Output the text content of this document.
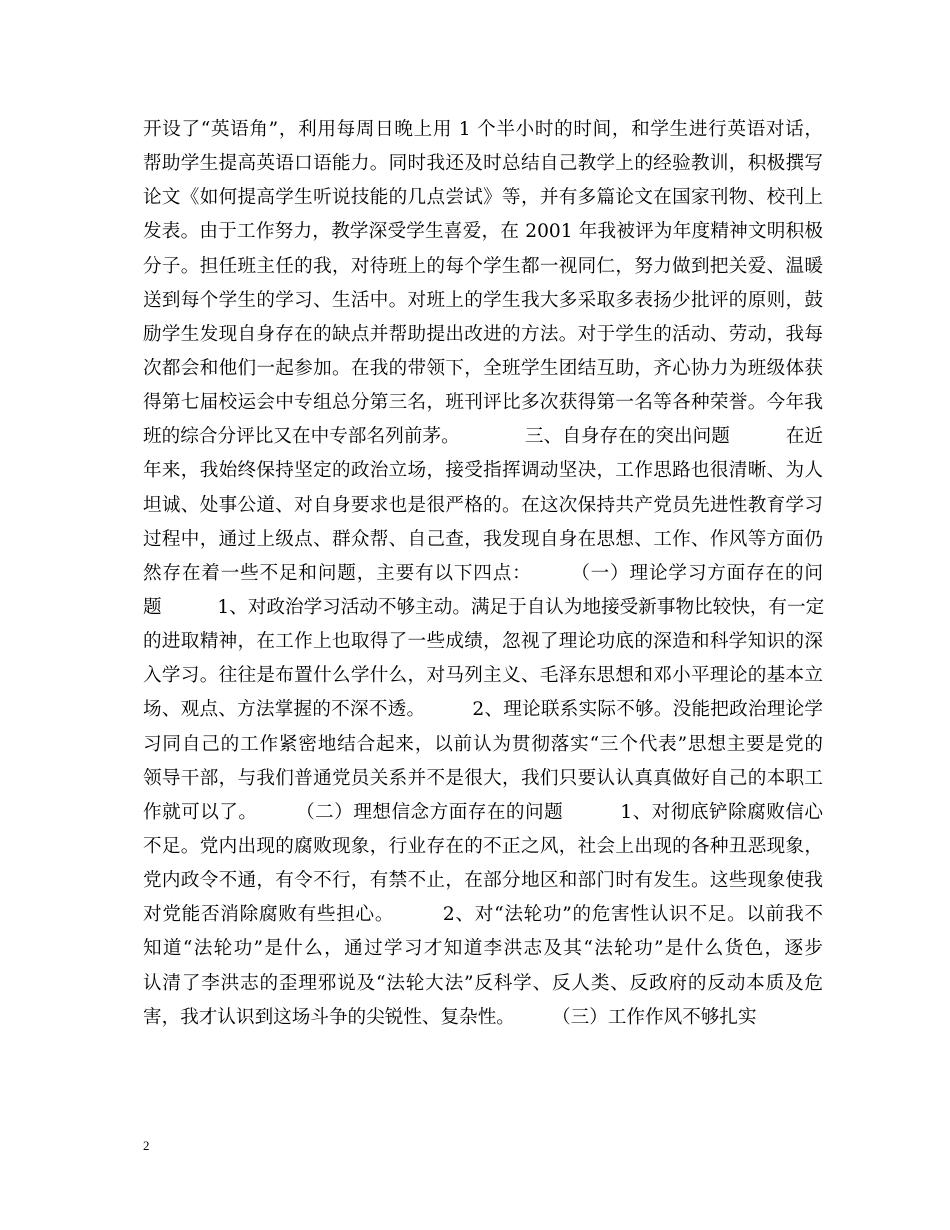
开设了“英语角”，利用每周日晚上用 1 个半小时的时间，和学生进行英语对话，
帮助学生提高英语口语能力。同时我还及时总结自己教学上的经验教训，积极撰写
论文《如何提高学生听说技能的几点尝试》等，并有多篇论文在国家刊物、校刊上
发表。由于工作努力，教学深受学生喜爱，在 2001 年我被评为年度精神文明积极
分子。担任班主任的我，对待班上的每个学生都一视同仁，努力做到把关爱、温暖
送到每个学生的学习、生活中。对班上的学生我大多采取多表扬少批评的原则，鼓
励学生发现自身存在的缺点并帮助提出改进的方法。对于学生的活动、劳动，我每
次都会和他们一起参加。在我的带领下，全班学生团结互助，齐心协力为班级体获
得第七届校运会中专组总分第三名，班刊评比多次获得第一名等各种荣誉。今年我
班的综合分评比又在中专部名列前茅。　　　　三、自身存在的突出问题　　　在近
年来，我始终保持坚定的政治立场，接受指挥调动坚决，工作思路也很清晰、为人
坦诚、处事公道、对自身要求也是很严格的。在这次保持共产党员先进性教育学习
过程中，通过上级点、群众帮、自己查，我发现自身在思想、工作、作风等方面仍
然存在着一些不足和问题，主要有以下四点：　　　（一）理论学习方面存在的问
题　　　1、对政治学习活动不够主动。满足于自认为地接受新事物比较快，有一定
的进取精神，在工作上也取得了一些成绩，忽视了理论功底的深造和科学知识的深
入学习。往往是布置什么学什么，对马列主义、毛泽东思想和邓小平理论的基本立
场、观点、方法掌握的不深不透。　　　2、理论联系实际不够。没能把政治理论学
习同自己的工作紧密地结合起来，以前认为贯彻落实“三个代表”思想主要是党的
领导干部，与我们普通党员关系并不是很大，我们只要认认真真做好自己的本职工
作就可以了。　　　（二）理想信念方面存在的问题　　　1、对彻底铲除腐败信心
不足。党内出现的腐败现象，行业存在的不正之风，社会上出现的各种丑恶现象，
党内政令不通，有令不行，有禁不止，在部分地区和部门时有发生。这些现象使我
对党能否消除腐败有些担心。　　　2、对“法轮功”的危害性认识不足。以前我不
知道“法轮功”是什么，通过学习才知道李洪志及其“法轮功”是什么货色，逐步
认清了李洪志的歪理邪说及“法轮大法”反科学、反人类、反政府的反动本质及危
害，我才认识到这场斗争的尖锐性、复杂性。　　　（三）工作作风不够扎实
2
